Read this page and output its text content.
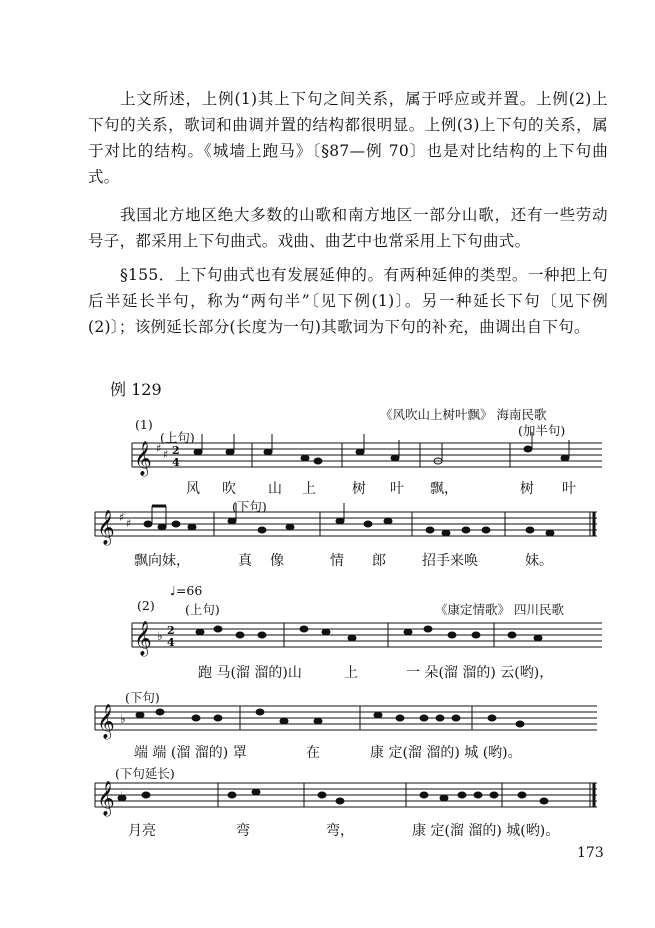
上文所述，上例(1)其上下句之间关系，属于呼应或并置。上例(2)上下句的关系，歌词和曲调并置的结构都很明显。上例(3)上下句的关系，属于对比的结构。《城墙上跑马》〔§87—例 70〕也是对比结构的上下句曲式。

我国北方地区绝大多数的山歌和南方地区一部分山歌，还有一些劳动号子，都采用上下句曲式。戏曲、曲艺中也常采用上下句曲式。

§155．上下句曲式也有发展延伸的。有两种延伸的类型。一种把上句后半延长半句，称为“两句半”〔见下例(1)〕。另一种延长下句〔见下例(2)〕；该例延长部分(长度为一句)其歌词为下句的补充，曲调出自下句。

例 129
𝄞 ♯ ♯ 2
4
𝄞 ♯ ♯
𝄞 ♭ 2
4
𝄞 ♭
𝄞
《风吹山上树叶飘》 海南民歌
(1)
(上句)	(加半句)
(下句)
风 吹 山 上	树 叶 飘，	树 叶
飘向妹，	真 像	情 郎	招手来唤	妹。
♩=66
(2) (上句)	《康定情歌》 四川民歌
跑 马(溜 溜的)山	上	一 朵(溜 溜的) 云(哟)，
(下句)
端 端 (溜 溜的) 罩	在	康 定(溜 溜的) 城 (哟)。
(下句延长)
月亮	弯	弯，	康 定(溜 溜的) 城(哟)。
173
